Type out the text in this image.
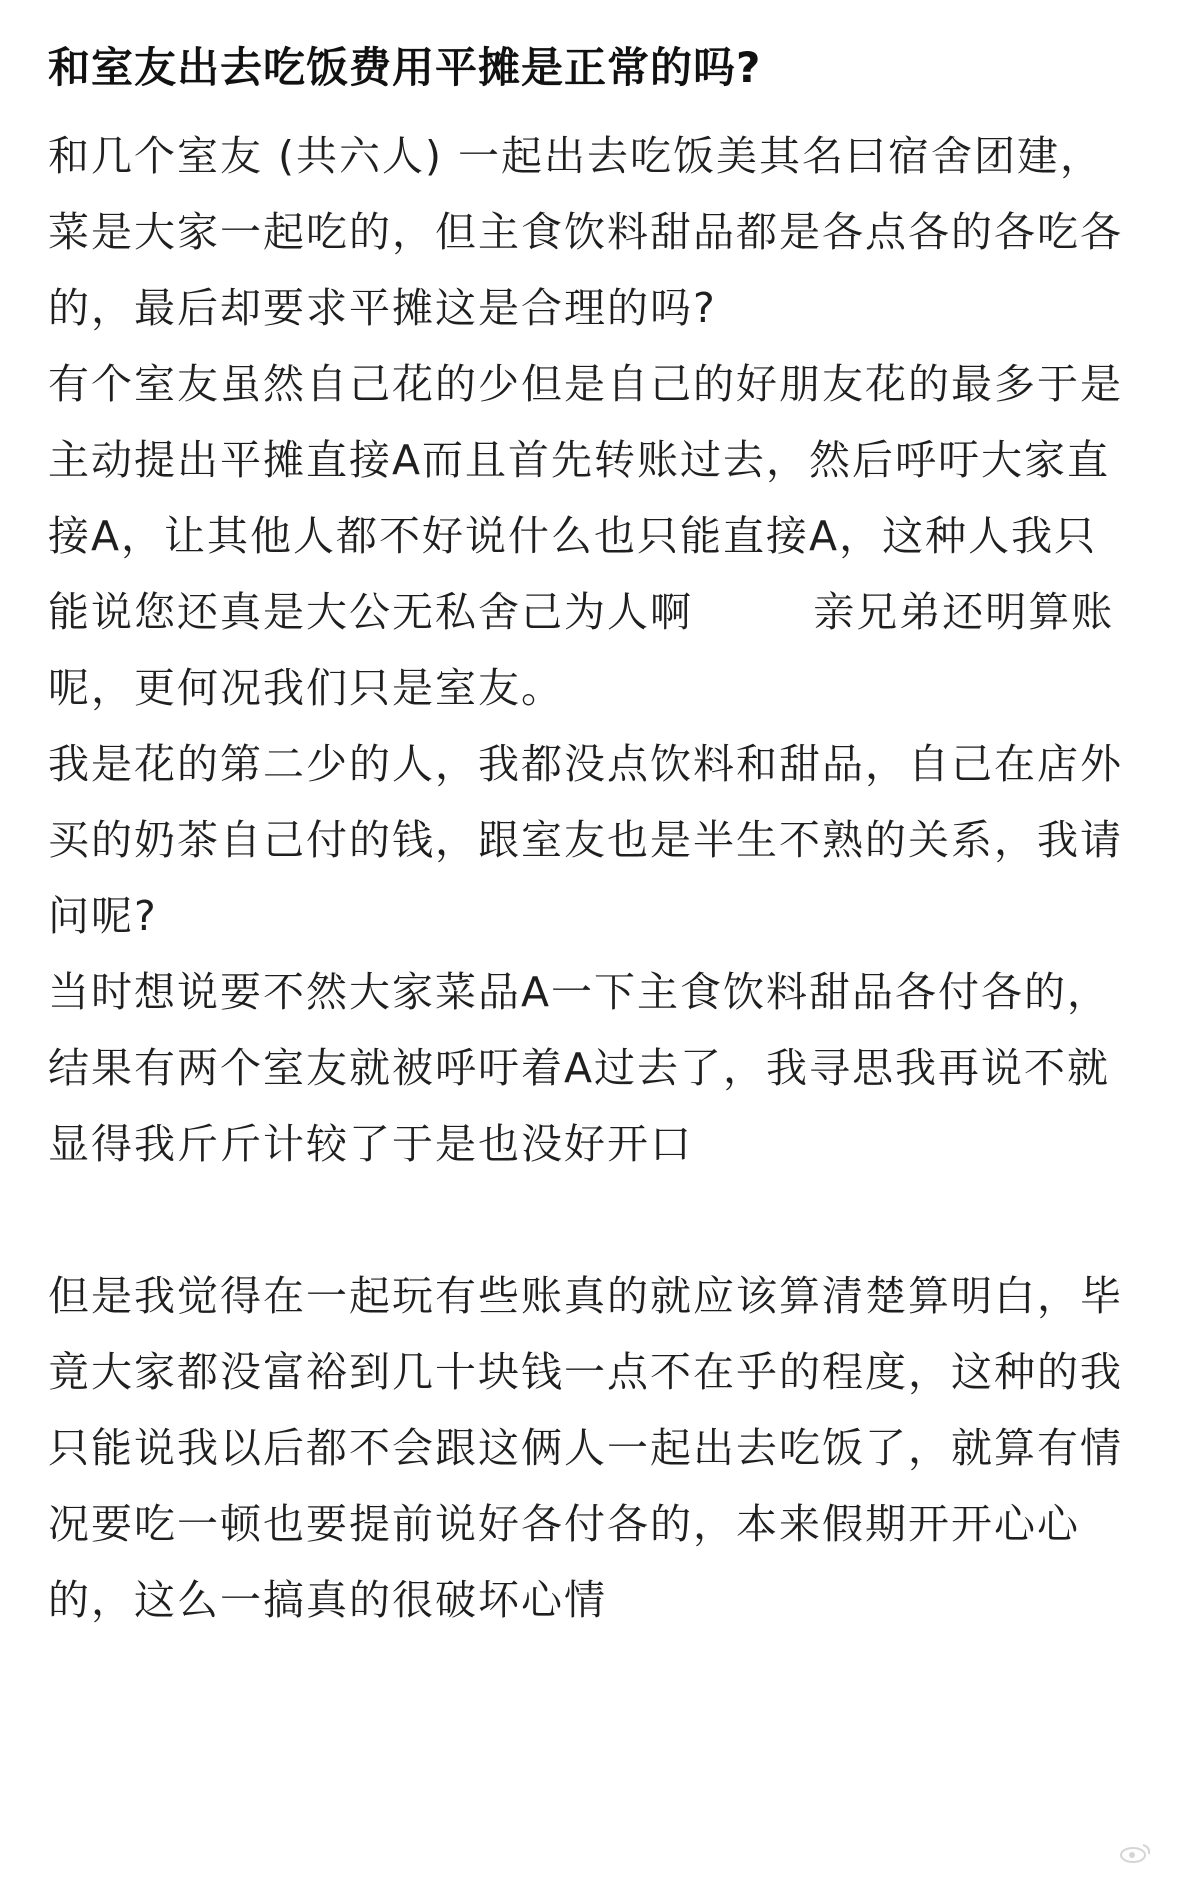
和室友出去吃饭费用平摊是正常的吗?

和几个室友 (共六人) 一起出去吃饭美其名曰宿舍团建，菜是大家一起吃的，但主食饮料甜品都是各点各的各吃各的，最后却要求平摊这是合理的吗?

有个室友虽然自己花的少但是自己的好朋友花的最多于是主动提出平摊直接A而且首先转账过去，然后呼吁大家直接A，让其他人都不好说什么也只能直接A，这种人我只能说您还真是大公无私舍己为人啊        亲兄弟还明算账呢，更何况我们只是室友。

我是花的第二少的人，我都没点饮料和甜品，自己在店外买的奶茶自己付的钱，跟室友也是半生不熟的关系，我请问呢?

当时想说要不然大家菜品A一下主食饮料甜品各付各的，结果有两个室友就被呼吁着A过去了，我寻思我再说不就显得我斤斤计较了于是也没好开口

但是我觉得在一起玩有些账真的就应该算清楚算明白，毕竟大家都没富裕到几十块钱一点不在乎的程度，这种的我只能说我以后都不会跟这俩人一起出去吃饭了，就算有情况要吃一顿也要提前说好各付各的，本来假期开开心心的，这么一搞真的很破坏心情
